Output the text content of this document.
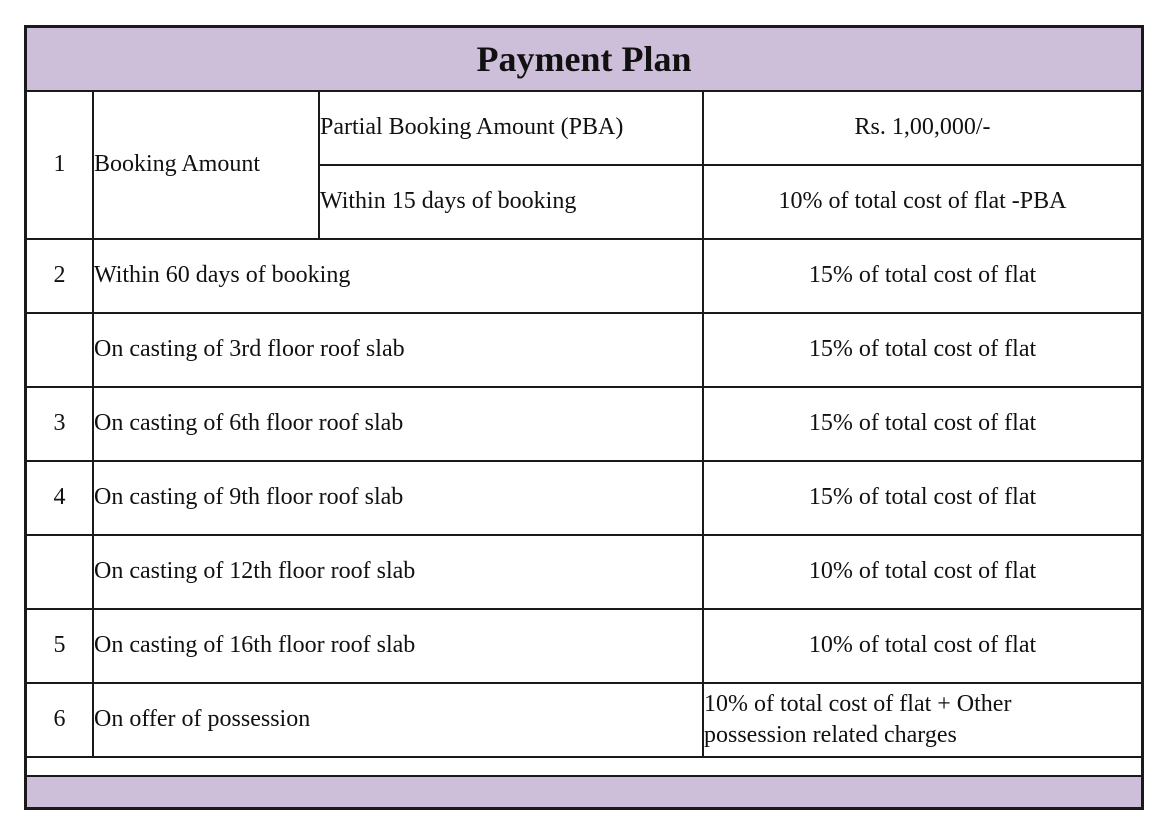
Payment Plan
1	Booking Amount	Partial Booking Amount (PBA)	Rs. 1,00,000/-
		Within 15 days of booking	10% of total cost of flat -PBA
2	Within 60 days of booking		15% of total cost of flat
	On casting of 3rd floor roof slab		15% of total cost of flat
3	On casting of 6th floor roof slab		15% of total cost of flat
4	On casting of 9th floor roof slab		15% of total cost of flat
	On casting of 12th floor roof slab		10% of total cost of flat
5	On casting of 16th floor roof slab		10% of total cost of flat
6	On offer of possession		10% of total cost of flat + Other
possession related charges
